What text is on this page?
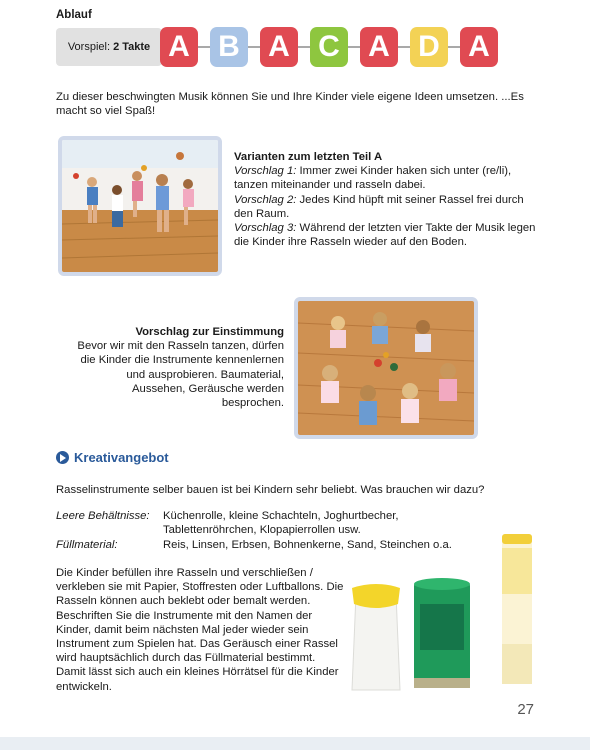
Ablauf
Vorspiel:
2 Takte A B A C A D A
Zu dieser beschwingten Musik können Sie und Ihre Kinder viele eigene Ideen umsetzen. ...Es macht so viel Spaß!
Varianten zum letzten Teil A
Vorschlag 1: Immer zwei Kinder haken sich unter (re/li), tanzen miteinander und rasseln dabei.
Vorschlag 2: Jedes Kind hüpft mit seiner Rassel frei durch den Raum.
Vorschlag 3: Während der letzten vier Takte der Musik legen die Kinder ihre Rasseln wieder auf den Boden.
Vorschlag zur Einstimmung
Bevor wir mit den Rasseln tanzen, dürfen die Kinder die Instrumente kennenlernen und ausprobieren. Baumaterial, Aussehen, Geräusche werden besprochen.
Kreativangebot
Rasselinstrumente selber bauen ist bei Kindern sehr beliebt. Was brauchen wir dazu?
Leere Behältnisse:	Küchenrolle, kleine Schachteln, Joghurtbecher, Tablettenröhrchen, Klopapierrollen usw.
Füllmaterial:	Reis, Linsen, Erbsen, Bohnenkerne, Sand, Steinchen o.a.
Die Kinder befüllen ihre Rasseln und verschließen / verkleben sie mit Papier, Stoffresten oder Luftballons. Die Rasseln können auch beklebt oder bemalt werden. Beschriften Sie die Instrumente mit den Namen der Kinder, damit beim nächsten Mal jeder wieder sein Instrument zum Spielen hat. Das Geräusch einer Rassel wird hauptsächlich durch das Füllmaterial bestimmt. Damit lässt sich auch ein kleines Hörrätsel für die Kinder entwickeln.
27
